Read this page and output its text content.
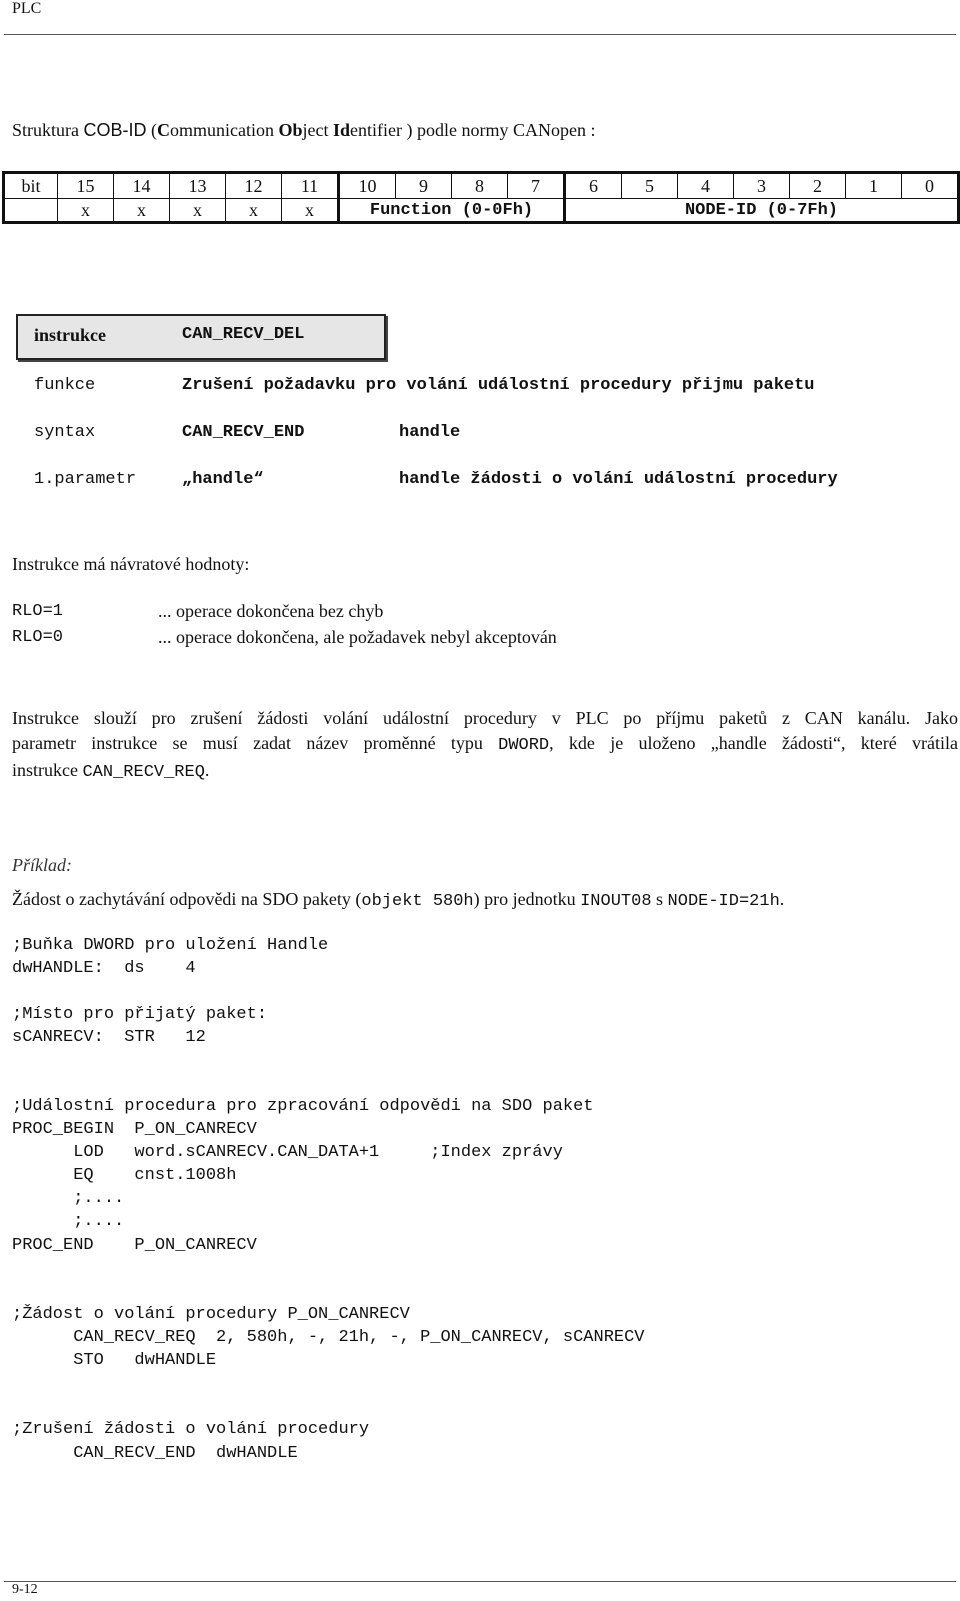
PLC
Struktura COB-ID (Communication Object Identifier ) podle normy CANopen :
bit	15	14	13	12	11	10	9	8	7	6	5	4	3	2	1	0
	x	x	x	x	x	Function (0-0Fh)				NODE-ID (0-7Fh)						
instrukce	CAN_RECV_DEL
funkce	Zrušení požadavku pro volání událostní procedury přijmu paketu
syntax	CAN_RECV_END	handle
1.parametr	„handle“	handle žádosti o volání událostní procedury
Instrukce má návratové hodnoty:
RLO=1	... operace dokončena bez chyb
RLO=0	... operace dokončena, ale požadavek nebyl akceptován
Instrukce slouží pro zrušení žádosti volání událostní procedury v PLC po příjmu paketů z CAN kanálu. Jako
parametr instrukce se musí zadat název proměnné typu DWORD, kde je uloženo „handle žádosti“, které vrátila
instrukce CAN_RECV_REQ.
Příklad:
Žádost o zachytávání odpovědi na SDO pakety (objekt 580h) pro jednotku INOUT08 s NODE-ID=21h.
;Buňka DWORD pro uložení Handle
dwHANDLE:  ds    4
;Místo pro přijatý paket:
sCANRECV:  STR   12
;Událostní procedura pro zpracování odpovědi na SDO paket
PROC_BEGIN  P_ON_CANRECV
LOD   word.sCANRECV.CAN_DATA+1     ;Index zprávy
EQ    cnst.1008h
;....
;....
PROC_END    P_ON_CANRECV
;Žádost o volání procedury P_ON_CANRECV
CAN_RECV_REQ  2, 580h, -, 21h, -, P_ON_CANRECV, sCANRECV
STO   dwHANDLE
;Zrušení žádosti o volání procedury
CAN_RECV_END  dwHANDLE
9-12
